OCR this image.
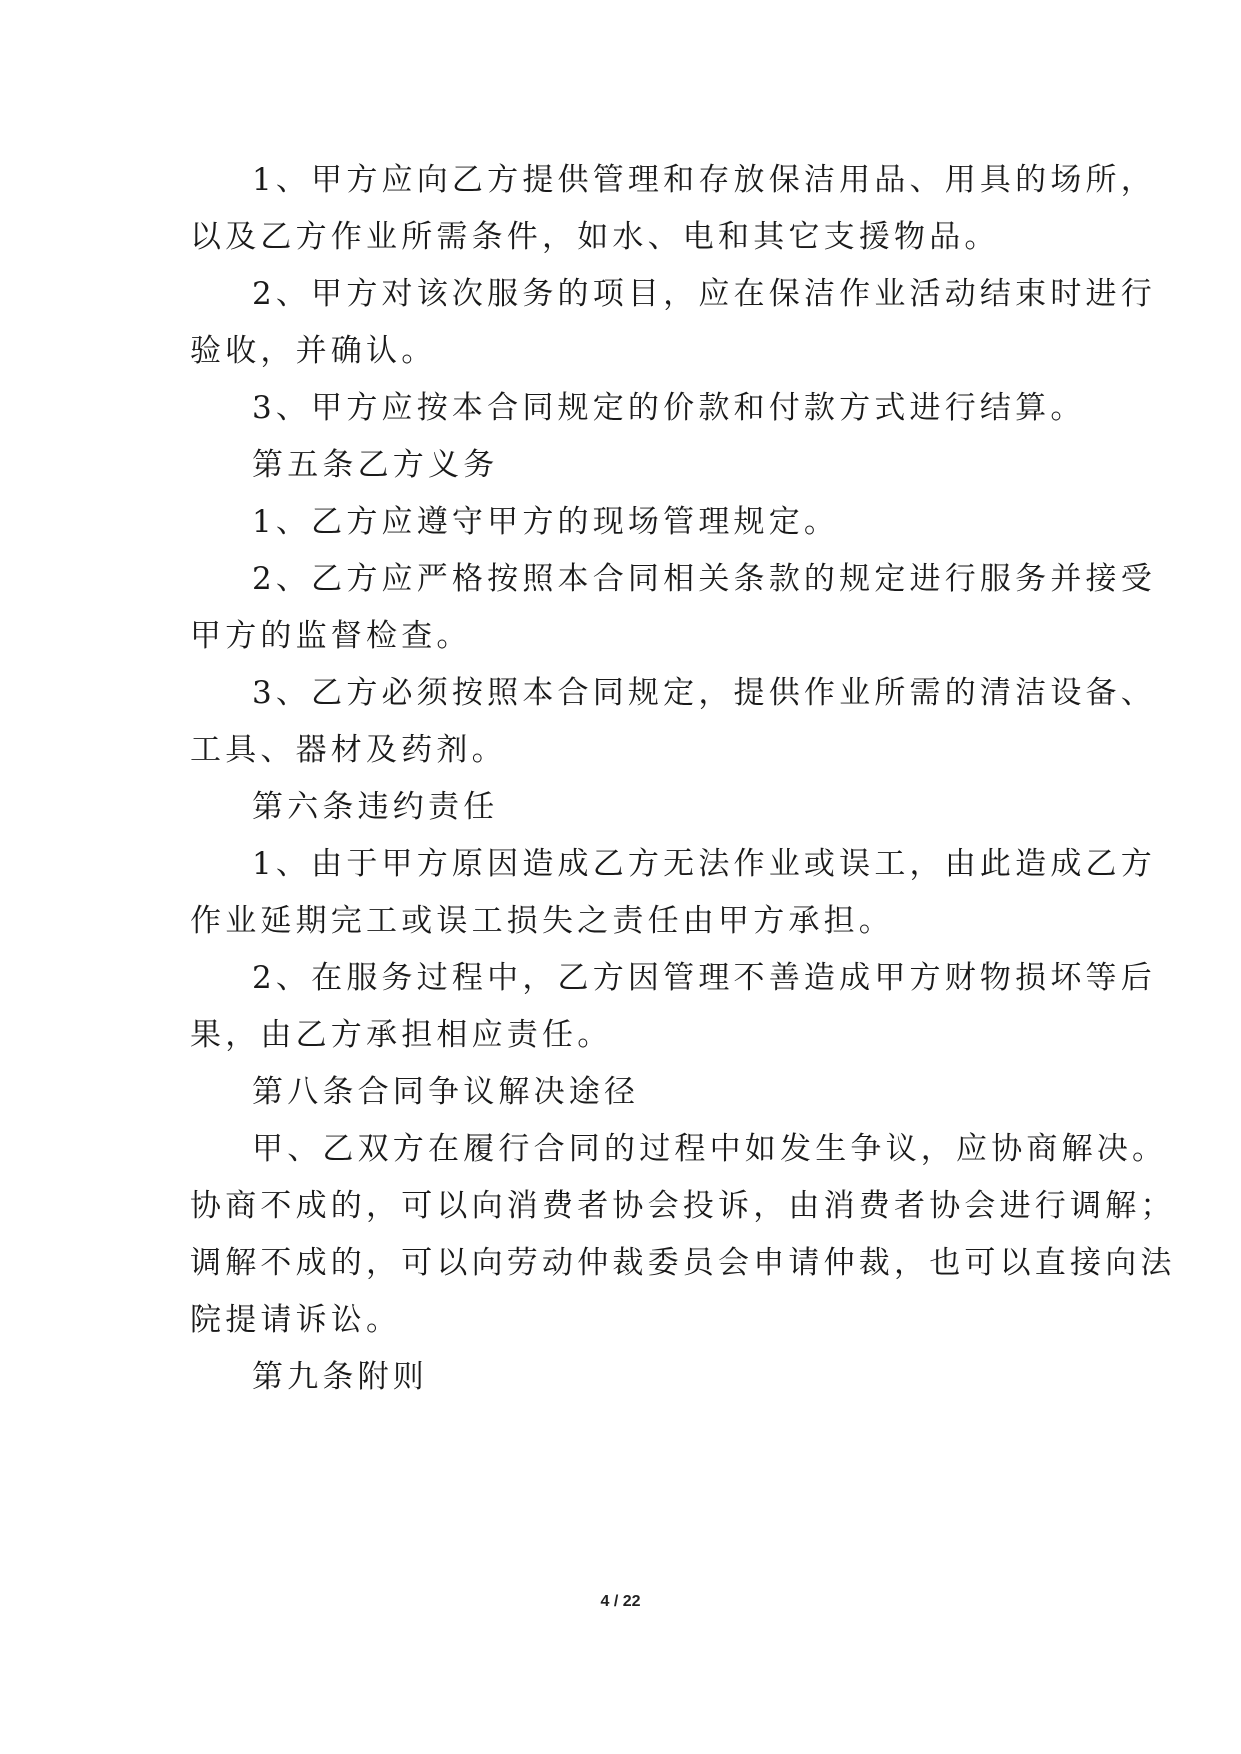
1、甲方应向乙方提供管理和存放保洁用品、用具的场所，
以及乙方作业所需条件，如水、电和其它支援物品。
2、甲方对该次服务的项目，应在保洁作业活动结束时进行
验收，并确认。
3、甲方应按本合同规定的价款和付款方式进行结算。
第五条乙方义务
1、乙方应遵守甲方的现场管理规定。
2、乙方应严格按照本合同相关条款的规定进行服务并接受
甲方的监督检查。
3、乙方必须按照本合同规定，提供作业所需的清洁设备、
工具、器材及药剂。
第六条违约责任
1、由于甲方原因造成乙方无法作业或误工，由此造成乙方
作业延期完工或误工损失之责任由甲方承担。
2、在服务过程中，乙方因管理不善造成甲方财物损坏等后
果，由乙方承担相应责任。
第八条合同争议解决途径
甲、乙双方在履行合同的过程中如发生争议，应协商解决。
协商不成的，可以向消费者协会投诉，由消费者协会进行调解；
调解不成的，可以向劳动仲裁委员会申请仲裁，也可以直接向法
院提请诉讼。
第九条附则
4 / 22
